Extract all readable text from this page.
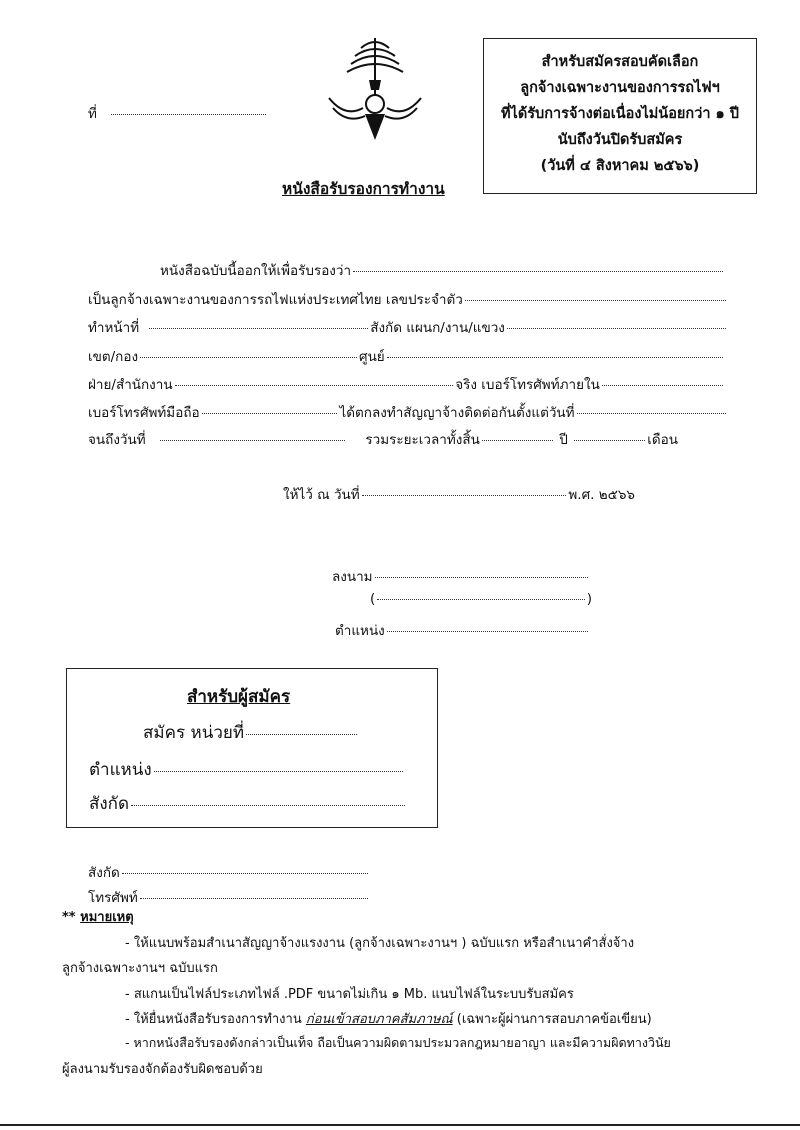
ที่
สำหรับสมัครสอบคัดเลือก
ลูกจ้างเฉพาะงานของการรถไฟฯ
ที่ได้รับการจ้างต่อเนื่องไม่น้อยกว่า ๑ ปี
นับถึงวันปิดรับสมัคร
(วันที่ ๔ สิงหาคม ๒๕๖๖)
หนังสือรับรองการทำงาน
หนังสือฉบับนี้ออกให้เพื่อรับรองว่า
เป็นลูกจ้างเฉพาะงานของการรถไฟแห่งประเทศไทย เลขประจำตัว
ทำหน้าที่	สังกัด แผนก/งาน/แขวง
เขต/กอง	ศูนย์
ฝ่าย/สำนักงาน	จริง เบอร์โทรศัพท์ภายใน
เบอร์โทรศัพท์มือถือ	ได้ตกลงทำสัญญาจ้างติดต่อกันตั้งแต่วันที่
จนถึงวันที่	รวมระยะเวลาทั้งสิ้น	ปี	เดือน
ให้ไว้ ณ วันที่	พ.ศ. ๒๕๖๖
ลงนาม
(	)
ตำแหน่ง
สำหรับผู้สมัคร
สมัคร หน่วยที่
ตำแหน่ง
สังกัด
สังกัด
โทรศัพท์
** หมายเหตุ
- ให้แนบพร้อมสำเนาสัญญาจ้างแรงงาน (ลูกจ้างเฉพาะงานฯ ) ฉบับแรก หรือสำเนาคำสั่งจ้าง
ลูกจ้างเฉพาะงานฯ ฉบับแรก
- สแกนเป็นไฟล์ประเภทไฟล์ .PDF ขนาดไม่เกิน ๑ Mb. แนบไฟล์ในระบบรับสมัคร
- ให้ยื่นหนังสือรับรองการทำงาน ก่อนเข้าสอบภาคสัมภาษณ์ (เฉพาะผู้ผ่านการสอบภาคข้อเขียน)
- หากหนังสือรับรองดังกล่าวเป็นเท็จ ถือเป็นความผิดตามประมวลกฎหมายอาญา และมีความผิดทางวินัย
ผู้ลงนามรับรองจักต้องรับผิดชอบด้วย
